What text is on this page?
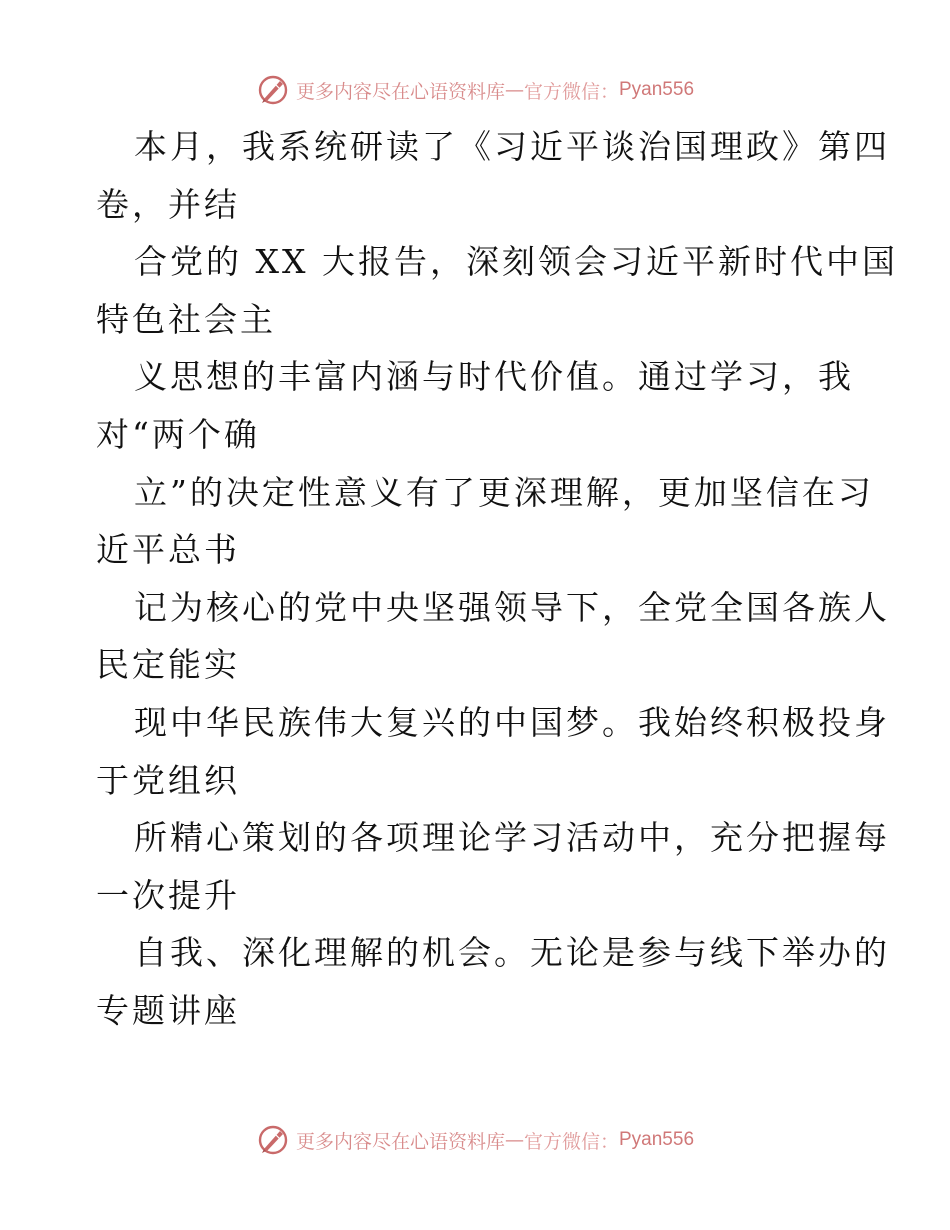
更多内容尽在心语资料库 — 官方微信： Pyan556
本月，我系统研读了《习近平谈治国理政》第四
卷，并结
合党的 XX 大报告，深刻领会习近平新时代中国
特色社会主
义思想的丰富内涵与时代价值。通过学习，我
对“两个确
立”的决定性意义有了更深理解，更加坚信在习
近平总书
记为核心的党中央坚强领导下，全党全国各族人
民定能实
现中华民族伟大复兴的中国梦。我始终积极投身
于党组织
所精心策划的各项理论学习活动中，充分把握每
一次提升
自我、深化理解的机会。无论是参与线下举办的
专题讲座
更多内容尽在心语资料库 — 官方微信： Pyan556
